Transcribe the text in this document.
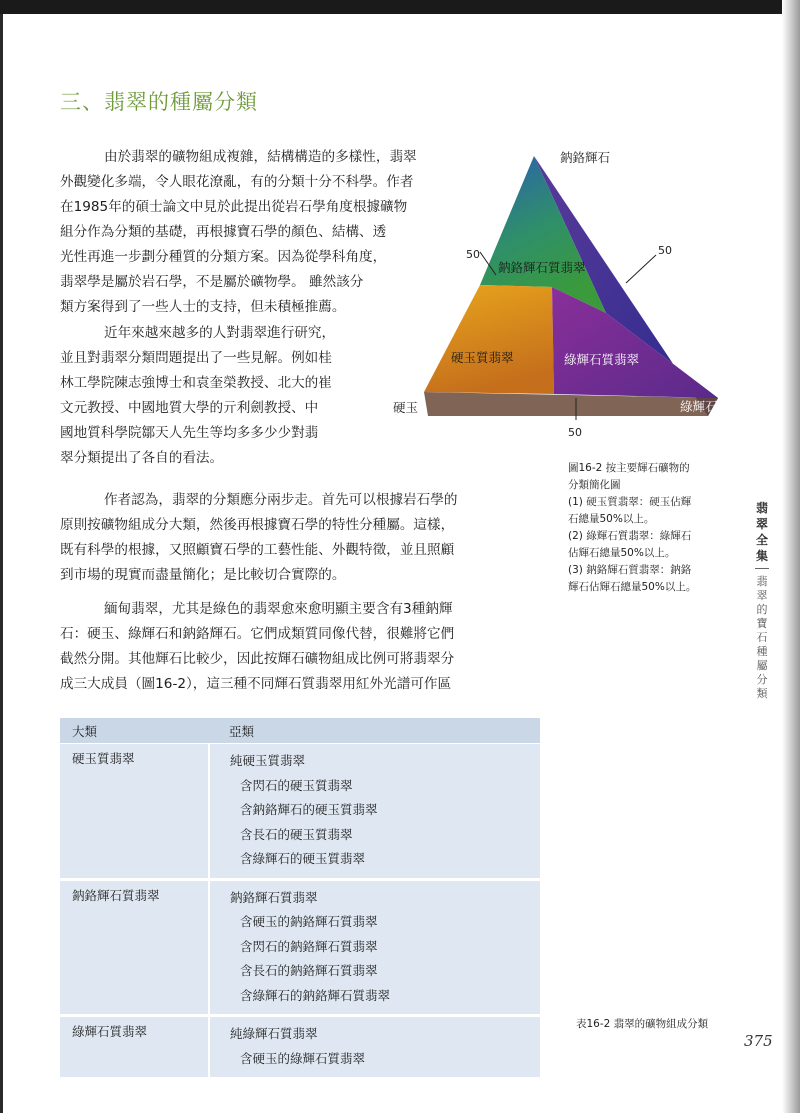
三、翡翠的種屬分類
由於翡翠的礦物組成複雜，結構構造的多樣性，翡翠
外觀變化多端，令人眼花潦亂，有的分類十分不科學。作者
在1985年的碩士論文中見於此提出從岩石學角度根據礦物
組分作為分類的基礎，再根據寶石學的顏色、結構、透
光性再進一步劃分種質的分類方案。因為從學科角度，
翡翠學是屬於岩石學，不是屬於礦物學。 雖然該分
類方案得到了一些人士的支持，但未積極推薦。
近年來越來越多的人對翡翠進行研究，
並且對翡翠分類問題提出了一些見解。例如桂
林工學院陳志強博士和袁奎榮教授、北大的崔
文元教授、中國地質大學的亓利劍教授、中
國地質科學院鄒天人先生等均多多少少對翡
翠分類提出了各自的看法。
作者認為，翡翠的分類應分兩步走。首先可以根據岩石學的
原則按礦物組成分大類，然後再根據寶石學的特性分種屬。這樣，
既有科學的根據，又照顧寶石學的工藝性能、外觀特徵，並且照顧
到市場的現實而盡量簡化；是比較切合實際的。
緬甸翡翠，尤其是綠色的翡翠愈來愈明顯主要含有3種鈉輝
石：硬玉、綠輝石和鈉鉻輝石。它們成類質同像代替，很難將它們
截然分開。其他輝石比較少，因此按輝石礦物組成比例可將翡翠分
成三大成員（圖16-2），這三種不同輝石質翡翠用紅外光譜可作區
鈉鉻輝石
硬玉	綠輝石
50	50
50
鈉鉻輝石質翡翠
硬玉質翡翠	綠輝石質翡翠
圖16-2 按主要輝石礦物的
分類簡化圖
(1) 硬玉質翡翠：硬玉佔輝
石總量50%以上。
(2) 綠輝石質翡翠：綠輝石
佔輝石總量50%以上。
(3) 鈉鉻輝石質翡翠：鈉鉻
輝石佔輝石總量50%以上。
翡
翠
全
集
翡
翠
的
寶
石
種
屬
分
類
大類	亞類
硬玉質翡翠	純硬玉質翡翠
含閃石的硬玉質翡翠
含鈉鉻輝石的硬玉質翡翠
含長石的硬玉質翡翠
含綠輝石的硬玉質翡翠

鈉鉻輝石質翡翠	鈉鉻輝石質翡翠
含硬玉的鈉鉻輝石質翡翠
含閃石的鈉鉻輝石質翡翠
含長石的鈉鉻輝石質翡翠
含綠輝石的鈉鉻輝石質翡翠

綠輝石質翡翠	純綠輝石質翡翠
含硬玉的綠輝石質翡翠
表16-2 翡翠的礦物組成分類
375
